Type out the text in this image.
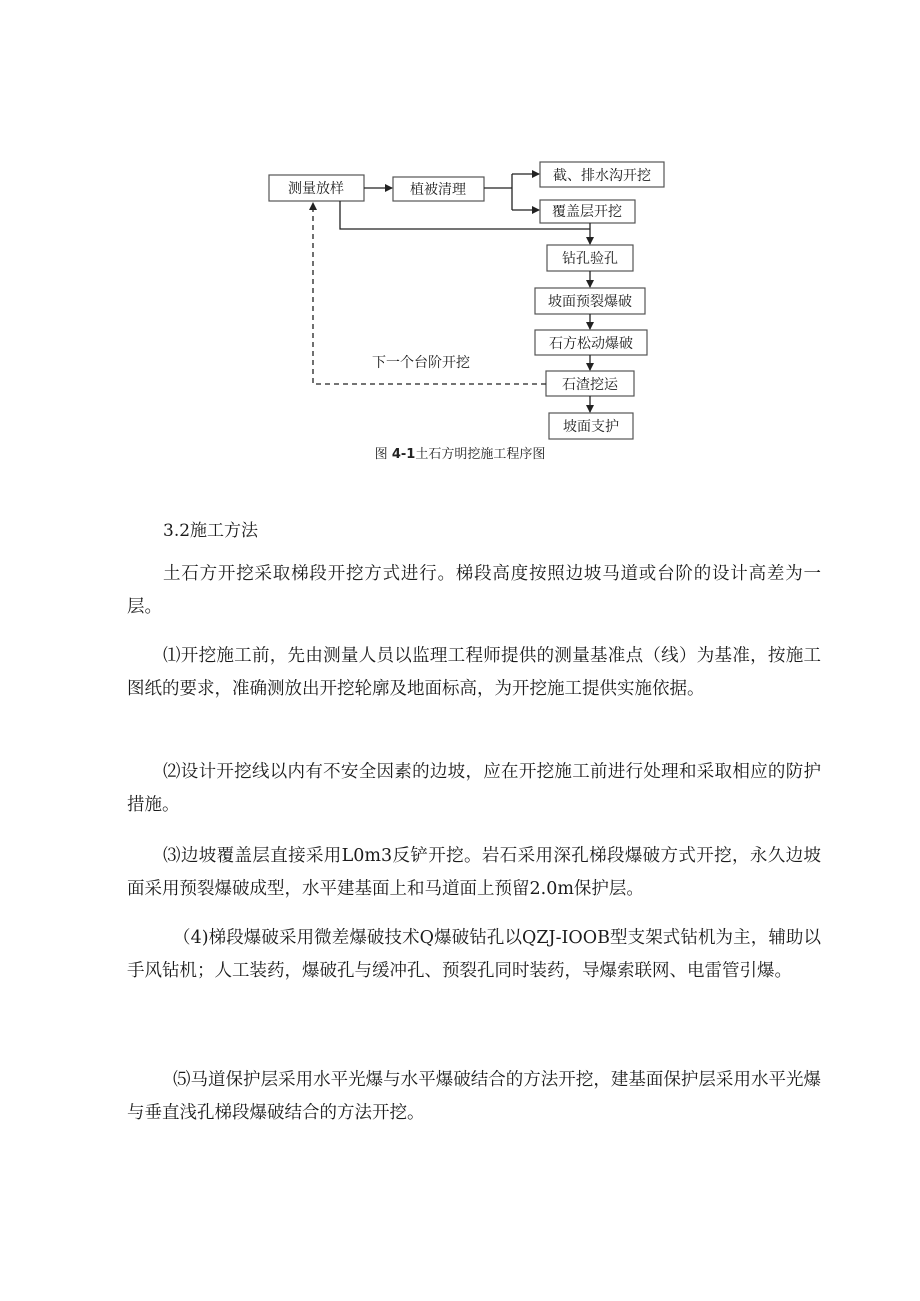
测量放样	植被清理
截、排水沟开挖
覆盖层开挖
钻孔验孔
坡面预裂爆破
石方松动爆破
石渣挖运
坡面支护
下一个台阶开挖
图 4-1土石方明挖施工程序图
3.2施工方法

土石方开挖采取梯段开挖方式进行。梯段高度按照边坡马道或台阶的设计高差为一层。

⑴开挖施工前，先由测量人员以监理工程师提供的测量基准点（线）为基准，按施工图纸的要求，准确测放出开挖轮廓及地面标高，为开挖施工提供实施依据。

⑵设计开挖线以内有不安全因素的边坡，应在开挖施工前进行处理和采取相应的防护措施。

⑶边坡覆盖层直接采用L0m3反铲开挖。岩石采用深孔梯段爆破方式开挖，永久边坡面采用预裂爆破成型，水平建基面上和马道面上预留2.0m保护层。

（4)梯段爆破采用微差爆破技术Q爆破钻孔以QZJ-IOOB型支架式钻机为主，辅助以手风钻机；人工装药，爆破孔与缓冲孔、预裂孔同时装药，导爆索联网、电雷管引爆。

⑸马道保护层采用水平光爆与水平爆破结合的方法开挖，建基面保护层采用水平光爆与垂直浅孔梯段爆破结合的方法开挖。
